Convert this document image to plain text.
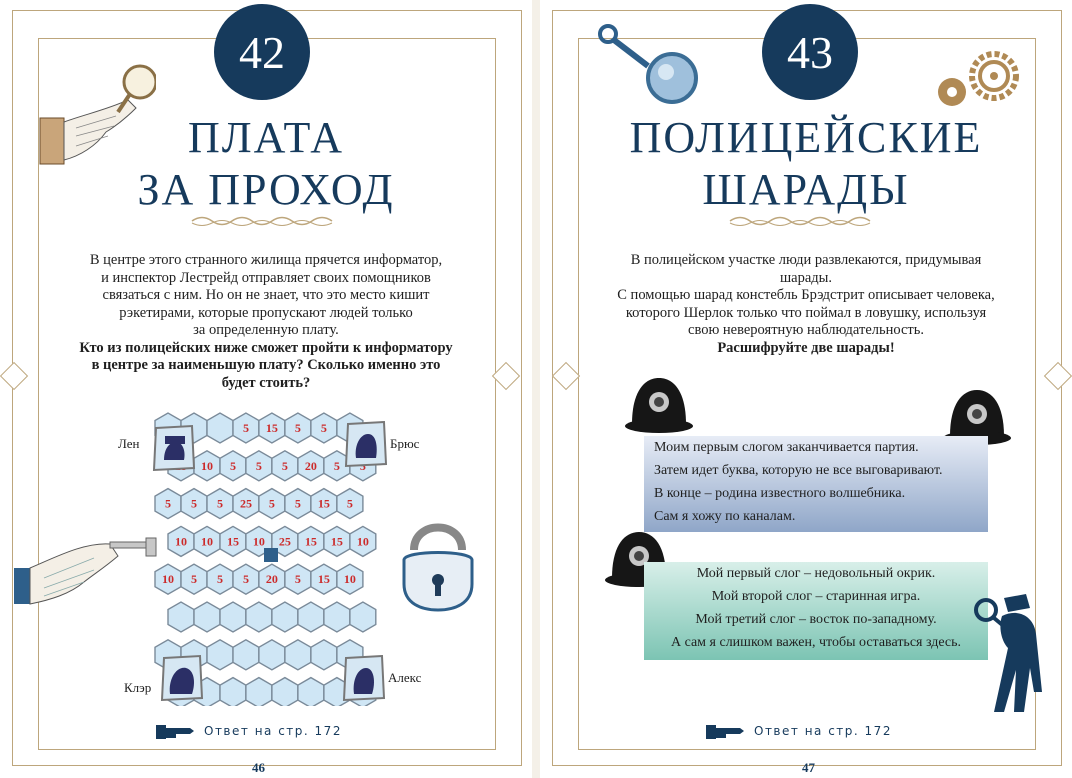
42
ПЛАТА
ЗА ПРОХОД

В центре этого странного жилища прячется информатор,

и инспектор Лестрейд отправляет своих помощников

связаться с ним. Но он не знает, что это место кишит

рэкетирами, которые пропускают людей только

за определенную плату.

Кто из полицейских ниже сможет пройти к информатору

в центре за наименьшую плату? Сколько именно это

будет стоить?

5 15 5 5
10 5 5 5 20 5
5 5 5 25 5 5 15 5
10 10 15 10 25 15 15 10
10 5 5 5 20 5 15 10
Лен	Брюс
Клэр
Алекс
Ответ на стр. 172
46
43
ПОЛИЦЕЙСКИЕ
ШАРАДЫ

В полицейском участке люди развлекаются, придумывая

шарады.

С помощью шарад констебль Брэдстрит описывает человека,

которого Шерлок только что поймал в ловушку, используя

свою невероятную наблюдательность.

Расшифруйте две шарады!

Моим первым слогом заканчивается партия.
Затем идет буква, которую не все выговаривают.
В конце – родина известного волшебника.
Сам я хожу по каналам.
Мой первый слог – недовольный окрик.
Мой второй слог – старинная игра.
Мой третий слог – восток по-западному.
А сам я слишком важен, чтобы оставаться здесь.
Ответ на стр. 172
47
